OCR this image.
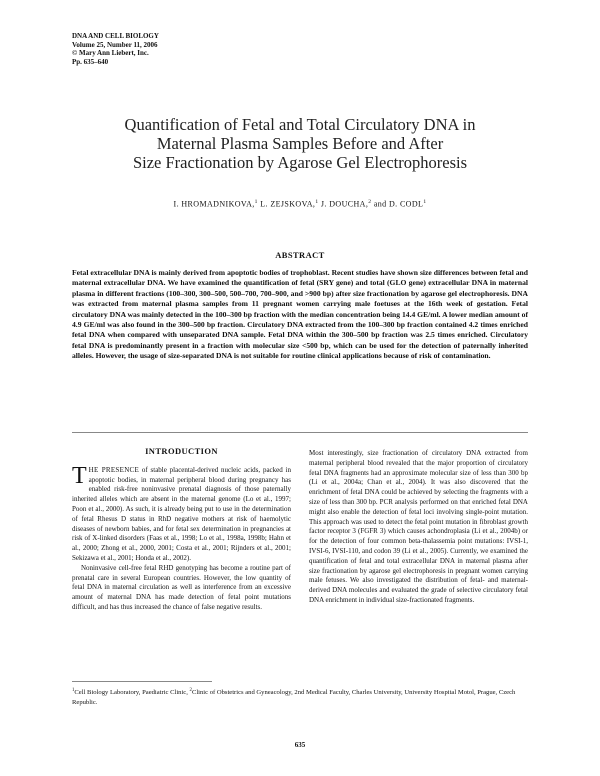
DNA AND CELL BIOLOGY
Volume 25, Number 11, 2006
© Mary Ann Liebert, Inc.
Pp. 635–640
Quantification of Fetal and Total Circulatory DNA in
Maternal Plasma Samples Before and After
Size Fractionation by Agarose Gel Electrophoresis
I. HROMADNIKOVA,$^1$ L. ZEJSKOVA,$^1$ J. DOUCHA,$^2$ and D. CODL$^1$
ABSTRACT
Fetal extracellular DNA is mainly derived from apoptotic bodies of trophoblast. Recent studies have shown size differences between fetal and maternal extracellular DNA. We have examined the quantification of fetal (SRY gene) and total (GLO gene) extracellular DNA in maternal plasma in different fractions (100–300, 300–500, 500–700, 700–900, and >900 bp) after size fractionation by agarose gel electrophoresis. DNA was extracted from maternal plasma samples from 11 pregnant women carrying male foetuses at the 16th week of gestation. Fetal circulatory DNA was mainly detected in the 100–300 bp fraction with the median concentration being 14.4 GE/ml. A lower median amount of 4.9 GE/ml was also found in the 300–500 bp fraction. Circulatory DNA extracted from the 100–300 bp fraction contained 4.2 times enriched fetal DNA when compared with unseparated DNA sample. Fetal DNA within the 300–500 bp fraction was 2.5 times enriched. Circulatory fetal DNA is predominantly present in a fraction with molecular size <500 bp, which can be used for the detection of paternally inherited alleles. However, the usage of size-separated DNA is not suitable for routine clinical applications because of risk of contamination.
INTRODUCTION

THE PRESENCE of stable placental-derived nucleic acids, packed in apoptotic bodies, in maternal peripheral blood during pregnancy has enabled risk-free noninvasive prenatal diagnosis of those paternally inherited alleles which are absent in the maternal genome (Lo et al., 1997; Poon et al., 2000). As such, it is already being put to use in the determination of fetal Rhesus D status in RhD negative mothers at risk of haemolytic diseases of newborn babies, and for fetal sex determination in pregnancies at risk of X-linked disorders (Faas et al., 1998; Lo et al., 1998a, 1998b; Hahn et al., 2000; Zhong et al., 2000, 2001; Costa et al., 2001; Rijnders et al., 2001; Sekizawa et al., 2001; Honda et al., 2002).

Noninvasive cell-free fetal RHD genotyping has become a routine part of prenatal care in several European countries. However, the low quantity of fetal DNA in maternal circulation as well as interference from an excessive amount of maternal DNA has made detection of fetal point mutations difficult, and has thus increased the chance of false negative results.

Most interestingly, size fractionation of circulatory DNA extracted from maternal peripheral blood revealed that the major proportion of circulatory fetal DNA fragments had an approximate molecular size of less than 300 bp (Li et al., 2004a; Chan et al., 2004). It was also discovered that the enrichment of fetal DNA could be achieved by selecting the fragments with a size of less than 300 bp. PCR analysis performed on that enriched fetal DNA might also enable the detection of fetal loci involving single-point mutation. This approach was used to detect the fetal point mutation in fibroblast growth factor receptor 3 (FGFR 3) which causes achondroplasia (Li et al., 2004b) or for the detection of four common beta-thalassemia point mutations: IVSI-1, IVSI-6, IVSI-110, and codon 39 (Li et al., 2005). Currently, we examined the quantification of fetal and total extracellular DNA in maternal plasma after size fractionation by agarose gel electrophoresis in pregnant women carrying male fetuses. We also investigated the distribution of fetal- and maternal-derived DNA molecules and evaluated the grade of selective circulatory fetal DNA enrichment in individual size-fractionated fragments.

$^1$Cell Biology Laboratory, Paediatric Clinic, $^2$Clinic of Obstetrics and Gyneacology, 2nd Medical Faculty, Charles University, University Hospital Motol, Prague, Czech Republic.
635
